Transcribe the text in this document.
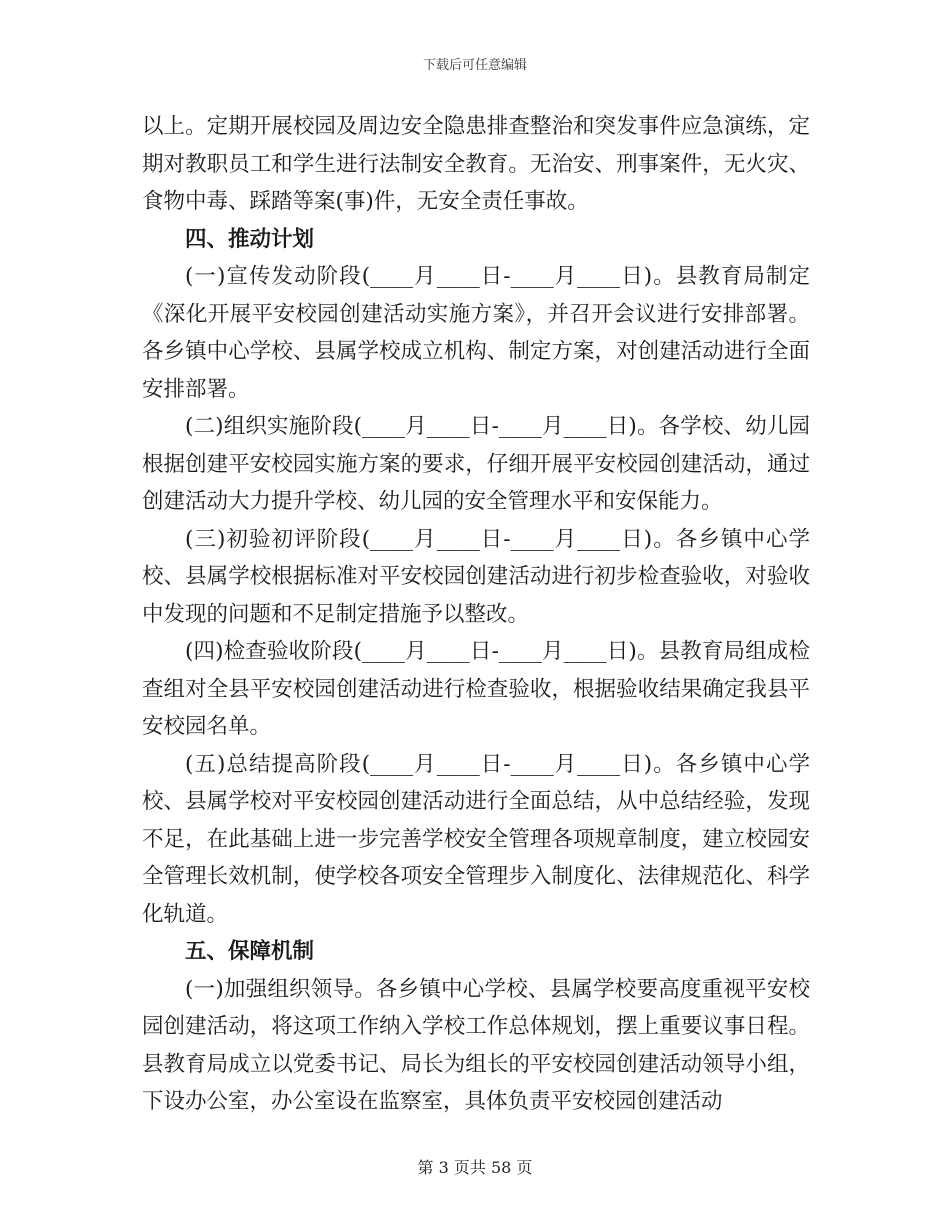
下载后可任意编辑

以上。定期开展校园及周边安全隐患排查整治和突发事件应急演练，定期对教职员工和学生进行法制安全教育。无治安、刑事案件，无火灾、食物中毒、踩踏等案(事)件，无安全责任事故。

四、推动计划

(一)宣传发动阶段(____月____日-____月____日)。县教育局制定《深化开展平安校园创建活动实施方案》，并召开会议进行安排部署。各乡镇中心学校、县属学校成立机构、制定方案，对创建活动进行全面安排部署。

(二)组织实施阶段(____月____日-____月____日)。各学校、幼儿园根据创建平安校园实施方案的要求，仔细开展平安校园创建活动，通过创建活动大力提升学校、幼儿园的安全管理水平和安保能力。

(三)初验初评阶段(____月____日-____月____日)。各乡镇中心学校、县属学校根据标准对平安校园创建活动进行初步检查验收，对验收中发现的问题和不足制定措施予以整改。

(四)检查验收阶段(____月____日-____月____日)。县教育局组成检查组对全县平安校园创建活动进行检查验收，根据验收结果确定我县平安校园名单。

(五)总结提高阶段(____月____日-____月____日)。各乡镇中心学校、县属学校对平安校园创建活动进行全面总结，从中总结经验，发现不足，在此基础上进一步完善学校安全管理各项规章制度，建立校园安全管理长效机制，使学校各项安全管理步入制度化、法律规范化、科学化轨道。

五、保障机制

(一)加强组织领导。各乡镇中心学校、县属学校要高度重视平安校园创建活动，将这项工作纳入学校工作总体规划，摆上重要议事日程。县教育局成立以党委书记、局长为组长的平安校园创建活动领导小组，下设办公室，办公室设在监察室，具体负责平安校园创建活动

第 3 页共 58 页
